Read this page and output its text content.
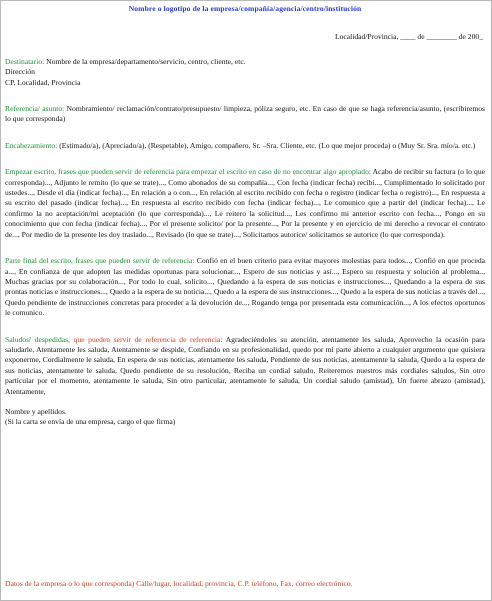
Nombre o logotipo de la empresa/compañía/agencia/centro/institución
Localidad/Provincia, ____ de ________ de 200_

Destinatario: Nombre de la empresa/departamento/servicio, centro, cliente, etc.

Dirección

CP, Localidad, Provincia

Referencia/ asunto: Nombramiento/ reclamación/contrato/presupuesto/ limpieza, póliza seguro, etc. En caso de que se haga referencia/asunto, (escribiremos lo que corresponda)

Encabezamiento: (Estimado/a), (Apreciado/a), (Respetable), Amigo, compañero, Sr. –Sra. Cliente, etc. (Lo que mejor proceda) o (Muy Sr. Sra. mío/a. etc.)

Empezar escrito, frases que pueden servir de referencia para empezar el escrito en caso de no encontrar algo apropiado: Acabo de recibir su factura (o lo que corresponda)..., Adjunto le remito (lo que se trate)..., Como abonados de su compañía..., Con fecha (indicar fecha) recibí..., Cumplimentado lo solicitado por ustedes..., Desde el día (indicar fecha)..., En relación a o con..., En relación al escrito recibido con fecha o registro (indicar fecha o registro)..., En respuesta a su escrito del pasado (indicar fecha)..., En respuesta al escrito recibido con fecha (indicar fecha)..., Le comunico que a partir del (indicar fecha)..., Le confirmo la no aceptación/mi aceptación (lo que corresponda)..., Le reitero la solicitud..., Les confirmo mi anterior escrito con fecha..., Pongo en su conocimiento que con fecha (indicar fecha)..., Por el presente solicito/ por la presente..., Por la presente y en ejercicio de mi derecho a revocar el contrato de..., Por medio de la presente les doy traslado..., Revisado (lo que se trate)..., Solicitamos autorice/ solicitamos se autorice (lo que corresponda).

Parte final del escrito, frases que pueden servir de referencia: Confió en el buen criterio para evitar mayores molestias para todos..., Confió en que proceda a..., En confianza de que adopten las medidas oportunas para solucionar..., Espero de sus noticias y así..., Espero su respuesta y solución al problema.., Muchas gracias por su colaboración..., Por todo lo cual, solicito..., Quedando a la espera de sus noticias e instrucciones..., Quedando a la espera de sus prontas noticias e instrucciones..., Quedo a la espera de su noticia..., Quedo a la espera de sus instrucciones..., Quedo a la espera de sus noticias a través del..., Quedo pendiente de instrucciones concretas para proceder a la devolución de..., Rogando tenga por presentada esta comunicación..., A los efectos oportunos le comunico.

Saludos/ despedidas, que pueden servir de referencia de referencia: Agradeciéndoles su atención, atentamente les saluda, Aprovecho la ocasión para saludarle, Atentamente les saluda, Atentamente se despide, Confiando en su profesionalidad, quedo por mi parte abierto a cualquier argumento que quisiera exponerme, Cordialmente le saluda, En espera de sus noticias, atentamente les saluda, Pendiente de sus noticias, atentamente la saluda, Quedo a la espera de sus noticias, atentamente le saluda, Quedo pendiente de su resolución, Reciba un cordial saludo, Reiteremos nuestros más cordiales saludos, Sin otro particular por el momento, atentamente le saluda, Sin otro particular, atentamente le saluda, Un cordial saludo (amistad), Un fuerte abrazo (amistad), Atentamente,

Nombre y apellidos.

(Si la carta se envía de una empresa, cargo el que firma)

Datos de la empresa o lo que corresponda) Calle/lugar, localidad, provincia, C.P. teléfono, Fax, correo electrónico.
